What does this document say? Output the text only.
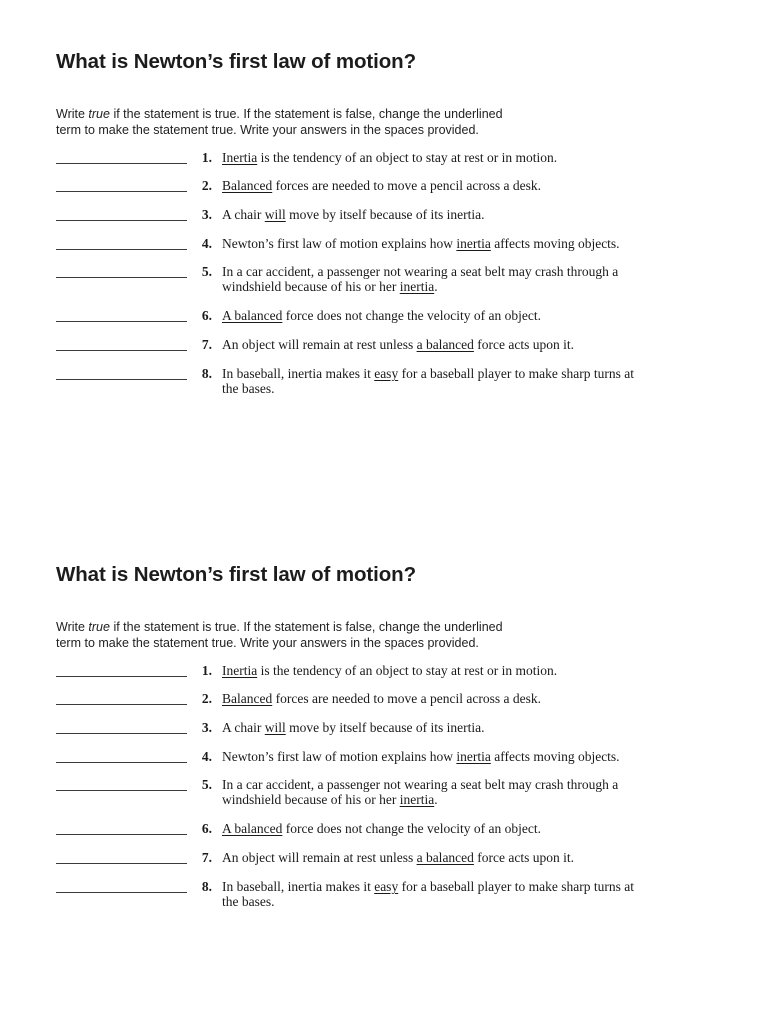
What is Newton’s first law of motion?
Write true if the statement is true. If the statement is false, change the underlined
term to make the statement true. Write your answers in the spaces provided.
1. Inertia is the tendency of an object to stay at rest or in motion.
2. Balanced forces are needed to move a pencil across a desk.
3. A chair will move by itself because of its inertia.
4. Newton’s first law of motion explains how inertia affects moving objects.
5. In a car accident, a passenger not wearing a seat belt may crash through a
windshield because of his or her inertia.
6. A balanced force does not change the velocity of an object.
7. An object will remain at rest unless a balanced force acts upon it.
8. In baseball, inertia makes it easy for a baseball player to make sharp turns at
the bases.
What is Newton’s first law of motion?
Write true if the statement is true. If the statement is false, change the underlined
term to make the statement true. Write your answers in the spaces provided.
1. Inertia is the tendency of an object to stay at rest or in motion.
2. Balanced forces are needed to move a pencil across a desk.
3. A chair will move by itself because of its inertia.
4. Newton’s first law of motion explains how inertia affects moving objects.
5. In a car accident, a passenger not wearing a seat belt may crash through a
windshield because of his or her inertia.
6. A balanced force does not change the velocity of an object.
7. An object will remain at rest unless a balanced force acts upon it.
8. In baseball, inertia makes it easy for a baseball player to make sharp turns at
the bases.
